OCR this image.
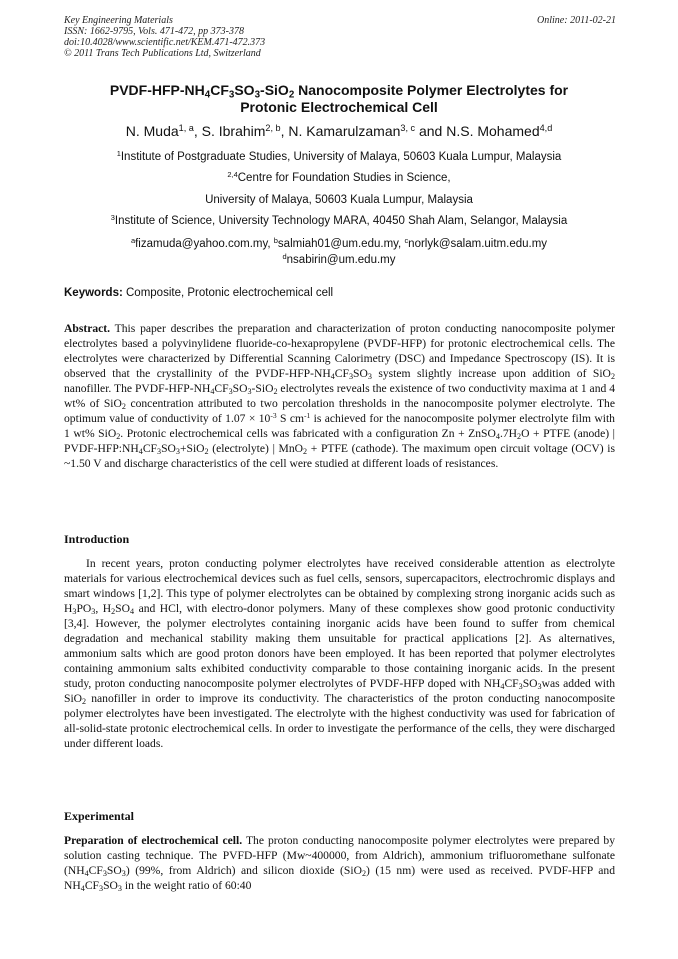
Key Engineering Materials
ISSN: 1662-9795, Vols. 471-472, pp 373-378
doi:10.4028/www.scientific.net/KEM.471-472.373
© 2011 Trans Tech Publications Ltd, Switzerland
Online: 2011-02-21
PVDF-$HFP-NH_4CF_3SO_3-SiO_2$ Nanocomposite Polymer Electrolytes for
Protonic Electrochemical Cell
N. Muda$^{1, a}$, S. Ibrahim$^{2, b}$, N. Kamarulzaman$^{3, c}$ and N.S. Mohamed$^{4,d}$
$^1$Institute of Postgraduate Studies, University of Malaya, 50603 Kuala Lumpur, Malaysia
$^{2,4}$Centre for Foundation Studies in Science,
University of Malaya, 50603 Kuala Lumpur, Malaysia
$^3$Institute of Science, University Technology MARA, 40450 Shah Alam, Selangor, Malaysia
$^a$fizamuda@yahoo.com.my, $^b$salmiah01@um.edu.my, $^c$norlyk@salam.uitm.edu.my
$^d$nsabirin@um.edu.my
Keywords: Composite, Protonic electrochemical cell
Abstract. This paper describes the preparation and characterization of proton conducting nanocomposite polymer electrolytes based a polyvinylidene fluoride-co-hexapropylene (PVDF-HFP) for protonic electrochemical cells. The electrolytes were characterized by Differential Scanning Calorimetry (DSC) and Impedance Spectroscopy (IS). It is observed that the crystallinity of the PVDF-$HFP-NH_4CF_3SO_3$ system slightly increase upon addition of SiO$_2$ nanofiller. The PVDF-$HFP-NH_4CF_3SO_3-SiO_2$ electrolytes reveals the existence of two conductivity maxima at 1 and 4 wt% of SiO$_2$ concentration attributed to two percolation thresholds in the nanocomposite polymer electrolyte. The optimum value of conductivity of $1.07 \times 10^{-3}$ S $cm^{-1}$ is achieved for the nanocomposite polymer electrolyte film with 1 wt% SiO$_2$. Protonic electrochemical cells was fabricated with a configuration $Zn + ZnSO_4.7H_2O$ + PTFE (anode) | PVDF-$HFP:NH_4CF_3SO_3+SiO_2$ (electrolyte) | MnO$_2$ + PTFE (cathode). The maximum open circuit voltage (OCV) is ~1.50 V and discharge characteristics of the cell were studied at different loads of resistances.
Introduction
In recent years, proton conducting polymer electrolytes have received considerable attention as electrolyte materials for various electrochemical devices such as fuel cells, sensors, supercapacitors, electrochromic displays and smart windows [1,2]. This type of polymer electrolytes can be obtained by complexing strong inorganic acids such as $H_3PO_3$, $H_2SO_4$ and HCl, with electro-donor polymers. Many of these complexes show good protonic conductivity [3,4]. However, the polymer electrolytes containing inorganic acids have been found to suffer from chemical degradation and mechanical stability making them unsuitable for practical applications [2]. As alternatives, ammonium salts which are good proton donors have been employed. It has been reported that polymer electrolytes containing ammonium salts exhibited conductivity comparable to those containing inorganic acids. In the present study, proton conducting nanocomposite polymer electrolytes of PVDF-HFP doped with $NH_4CF_3SO_3was$ added with SiO$_2$ nanofiller in order to improve its conductivity. The characteristics of the proton conducting nanocomposite polymer electrolytes have been investigated. The electrolyte with the highest conductivity was used for fabrication of all-solid-state protonic electrochemical cells. In order to investigate the performance of the cells, they were discharged under different loads.
Experimental
Preparation of electrochemical cell. The proton conducting nanocomposite polymer electrolytes were prepared by solution casting technique. The PVFD-HFP (Mw~400000, from Aldrich), ammonium trifluoromethane sulfonate $(NH_4CF_3SO_3)$ (99%, from Aldrich) and silicon dioxide (SiO$_2$) (15 nm) were used as received. PVDF-HFP and $NH_4CF_3SO_3$ in the weight ratio of 60:40
